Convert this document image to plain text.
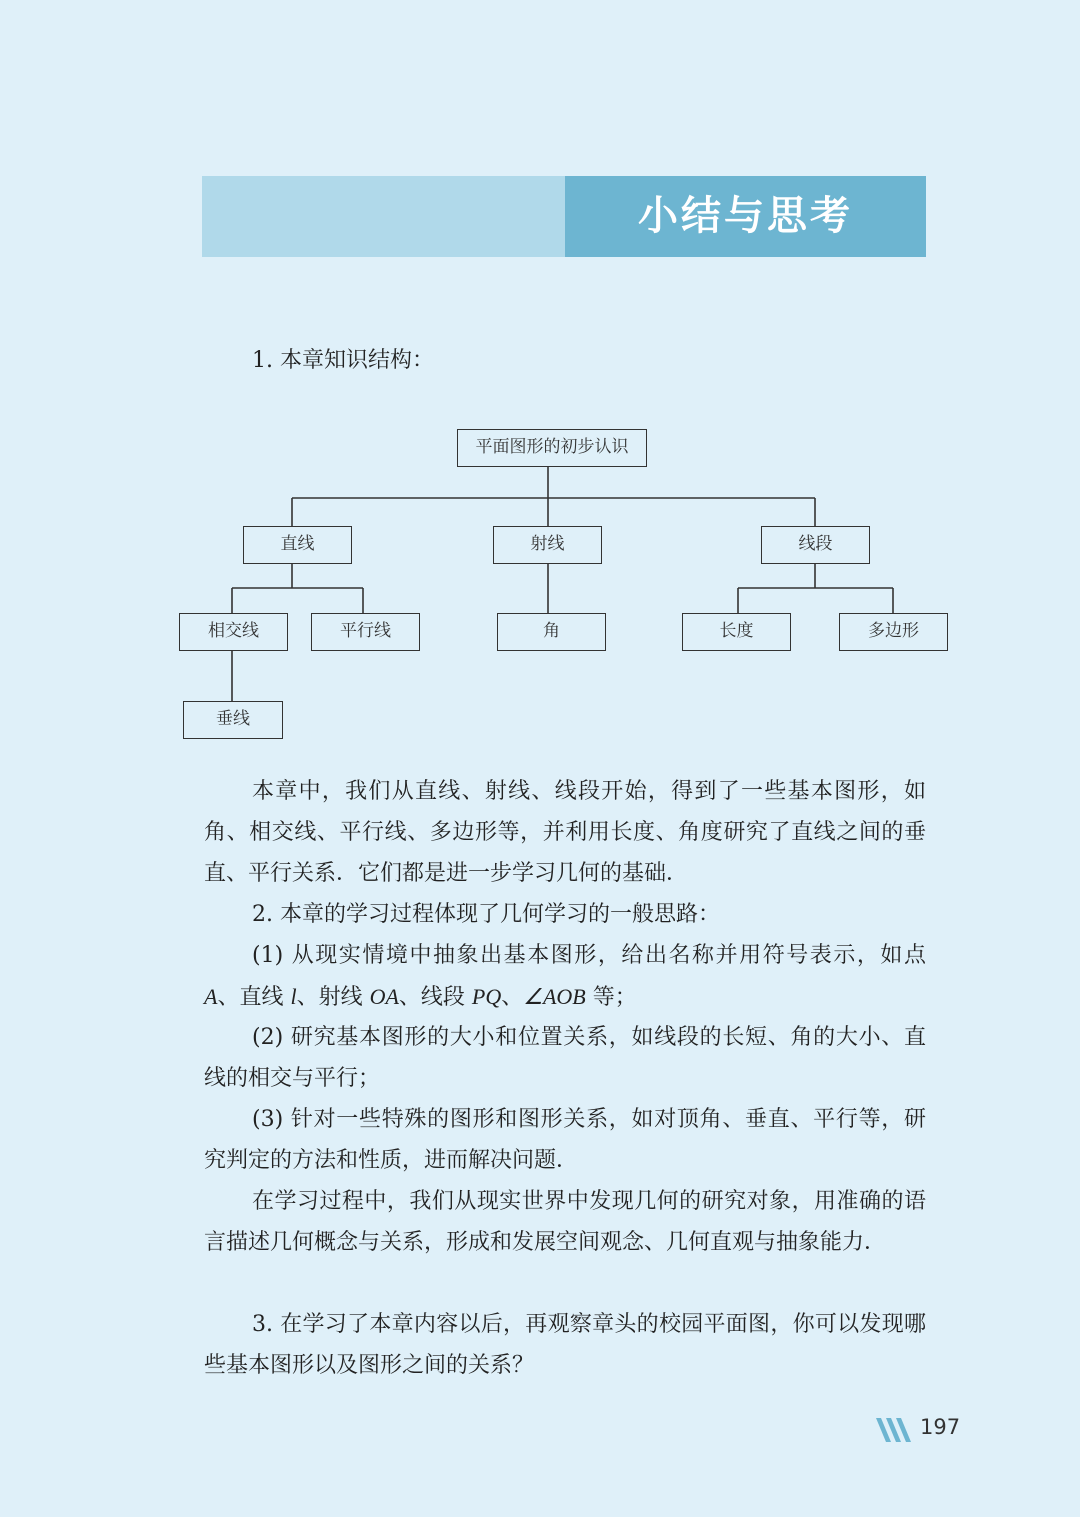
小结与思考
1. 本章知识结构：
平面图形的初步认识
直线	射线	线段
相交线	平行线	角	长度	多边形
垂线
本章中，我们从直线、射线、线段开始，得到了一些基本图形，如角、相交线、平行线、多边形等，并利用长度、角度研究了直线之间的垂直、平行关系．它们都是进一步学习几何的基础．
2. 本章的学习过程体现了几何学习的一般思路：
(1) 从现实情境中抽象出基本图形，给出名称并用符号表示，如点 A、直线 l、射线 OA、线段 PQ、∠AOB 等；
(2) 研究基本图形的大小和位置关系，如线段的长短、角的大小、直线的相交与平行；
(3) 针对一些特殊的图形和图形关系，如对顶角、垂直、平行等，研究判定的方法和性质，进而解决问题．
在学习过程中，我们从现实世界中发现几何的研究对象，用准确的语言描述几何概念与关系，形成和发展空间观念、几何直观与抽象能力．
3. 在学习了本章内容以后，再观察章头的校园平面图，你可以发现哪些基本图形以及图形之间的关系？
197
